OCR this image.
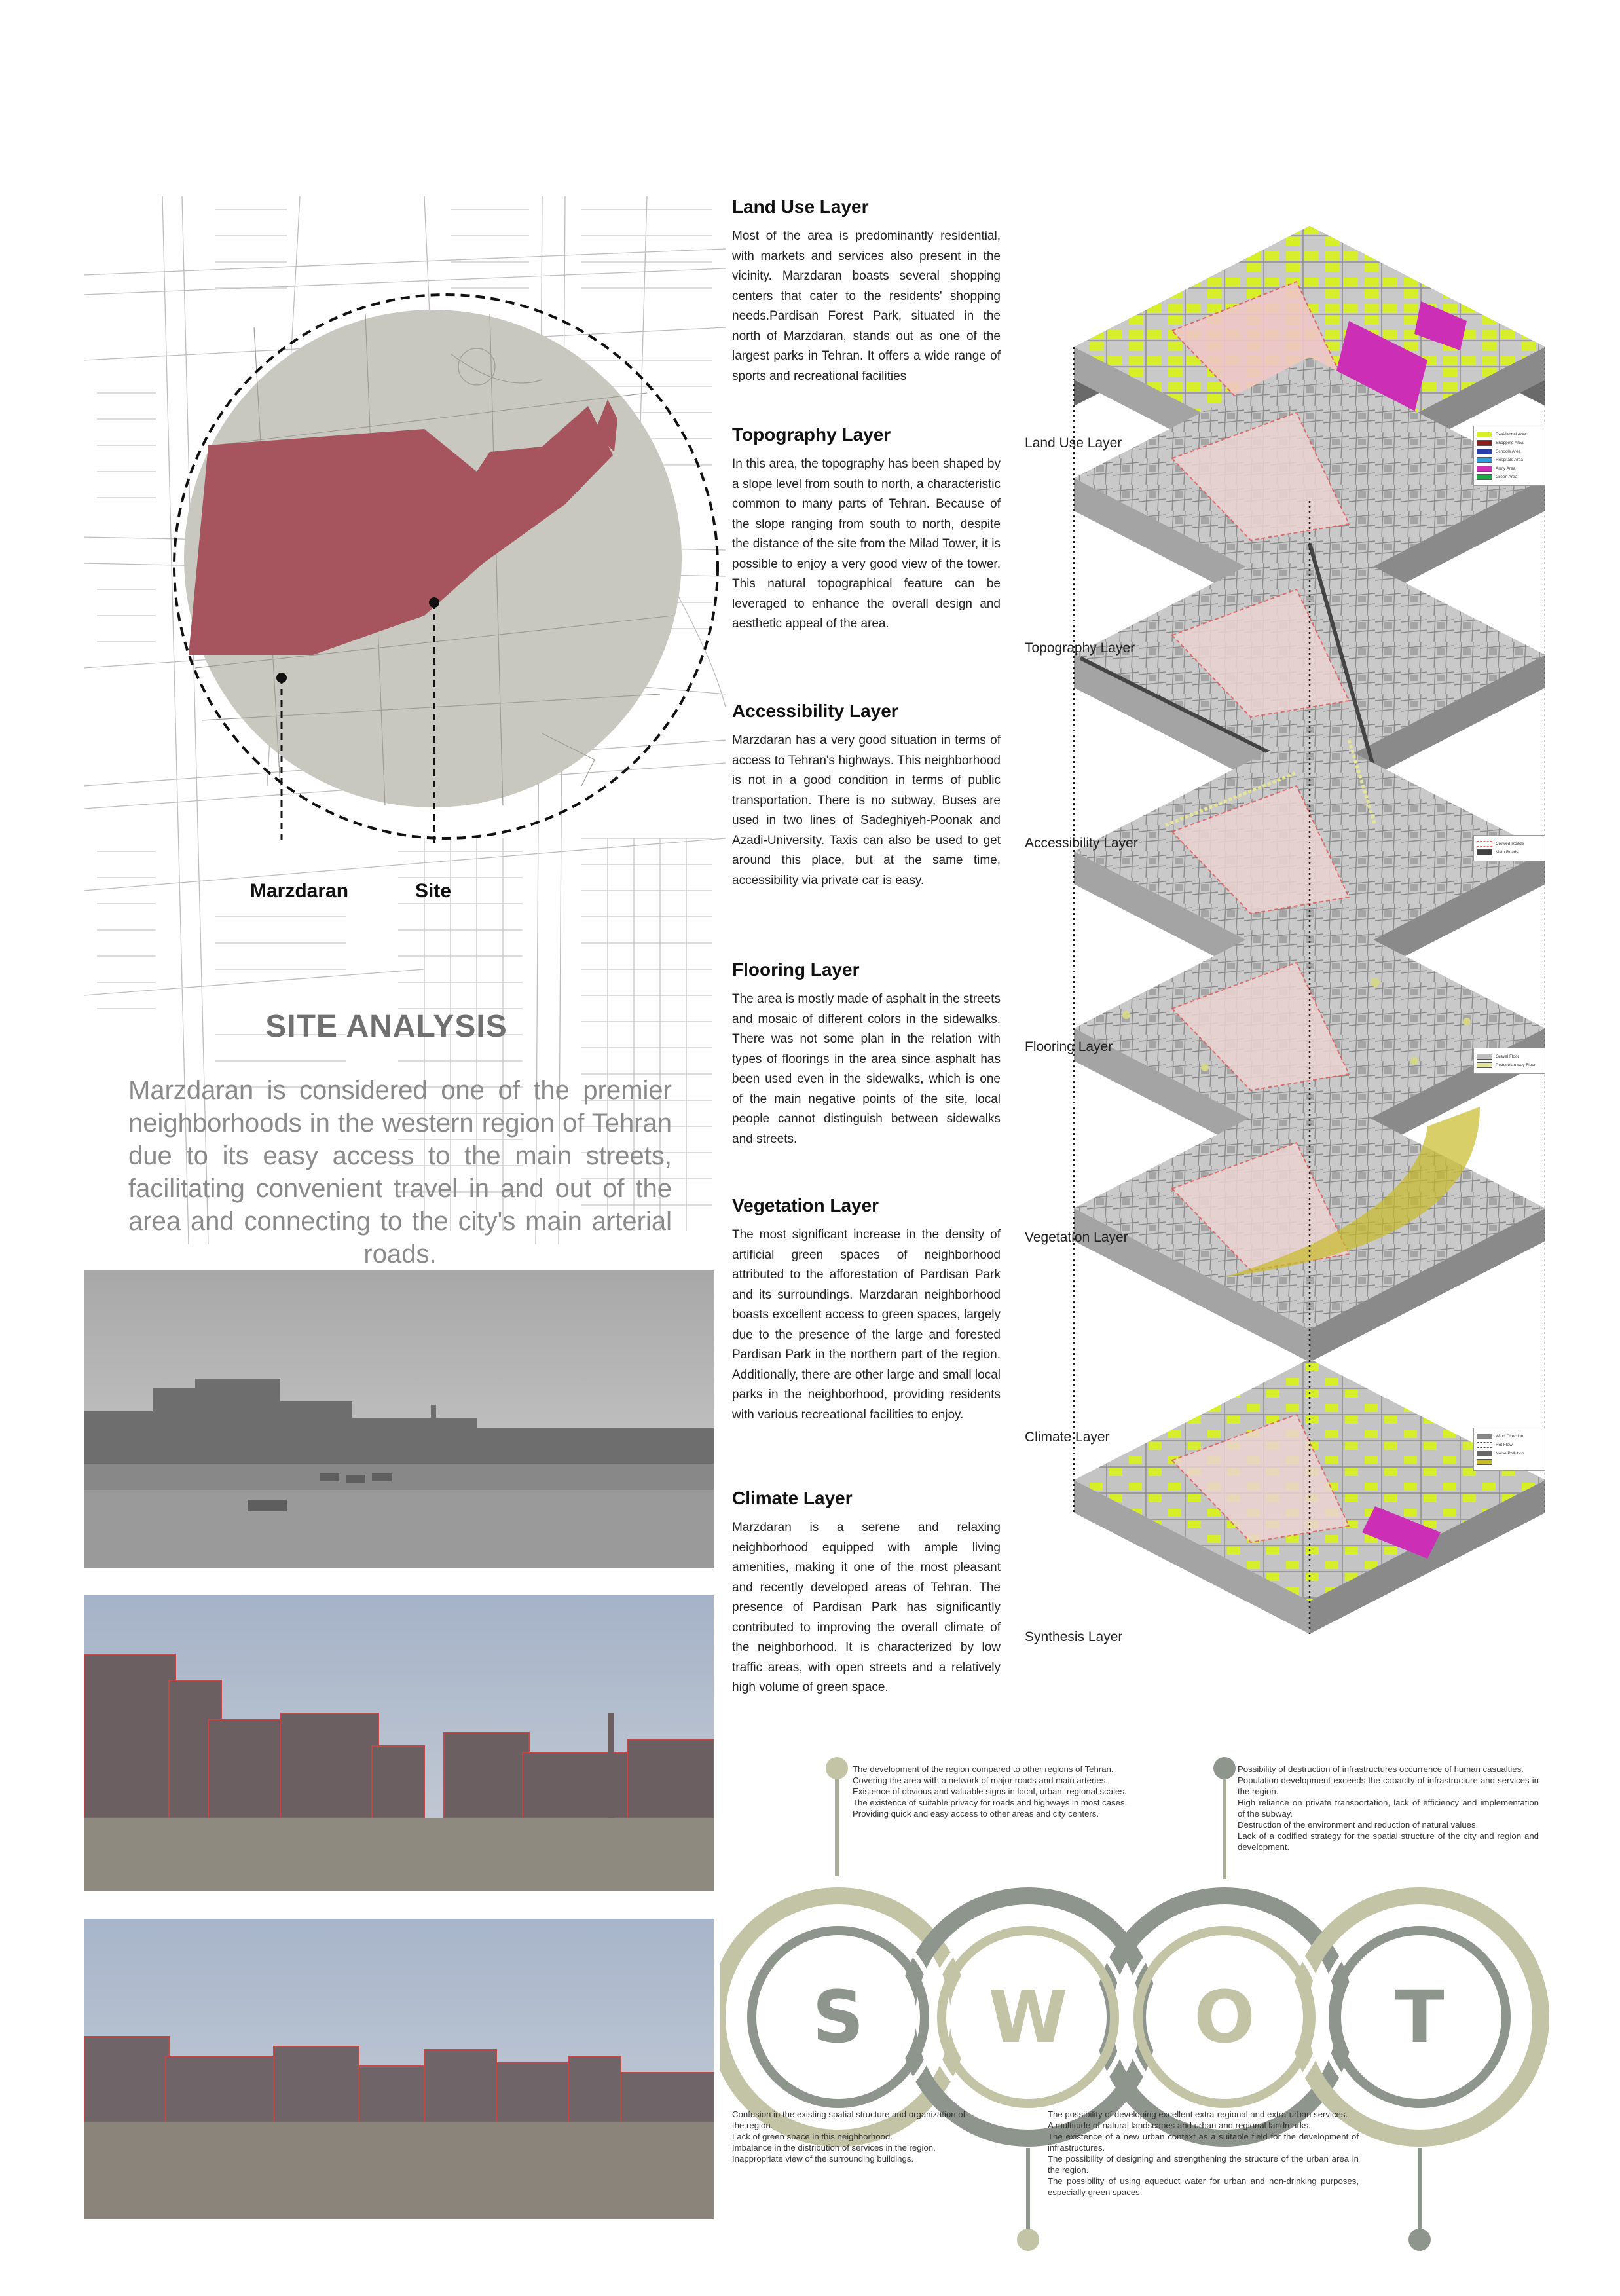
Marzdaran	Site
SITE ANALYSIS
Marzdaran is considered one of the premier neighborhoods in the western region of Tehran due to its easy access to the main streets, facilitating convenient travel in and out of the area and connecting to the city's main arterial roads.
Land Use Layer

Most of the area is predominantly residential, with markets and services also present in the vicinity. Marzdaran boasts several shopping centers that cater to the residents' shopping needs.Pardisan Forest Park, situated in the north of Marzdaran, stands out as one of the largest parks in Tehran. It offers a wide range of sports and recreational facilities

Topography Layer

In this area, the topography has been shaped by a slope level from south to north, a characteristic common to many parts of Tehran. Because of the slope ranging from south to north, despite the distance of the site from the Milad Tower, it is possible to enjoy a very good view of the tower. This natural topographical feature can be leveraged to enhance the overall design and aesthetic appeal of the area.

Accessibility Layer

Marzdaran has a very good situation in terms of access to Tehran's highways. This neighborhood is not in a good condition in terms of public transportation. There is no subway, Buses are used in two lines of Sadeghiyeh-Poonak and Azadi-University. Taxis can also be used to get around this place, but at the same time, accessibility via private car is easy.

Flooring Layer

The area is mostly made of asphalt in the streets and mosaic of different colors in the sidewalks. There was not some plan in the relation with types of floorings in the area since asphalt has been used even in the sidewalks, which is one of the main negative points of the site, local people cannot distinguish between sidewalks and streets.

Vegetation Layer

The most significant increase in the density of artificial green spaces of neighborhood attributed to the afforestation of Pardisan Park and its surroundings. Marzdaran neighborhood boasts excellent access to green spaces, largely due to the presence of the large and forested Pardisan Park in the northern part of the region. Additionally, there are other large and small local parks in the neighborhood, providing residents with various recreational facilities to enjoy.

Climate Layer

Marzdaran is a serene and relaxing neighborhood equipped with ample living amenities, making it one of the most pleasant and recently developed areas of Tehran. The presence of Pardisan Park has significantly contributed to improving the overall climate of the neighborhood. It is characterized by low traffic areas, with open streets and a relatively high volume of green space.

Land Use Layer
Topography Layer
Accessibility Layer
Flooring Layer
Vegetation Layer
Climate Layer
Synthesis Layer
Residential Area
Shopping Area
Schools Area
Hospitals Area
Army Area
Green Area
Crowed Roads
Main Roads
Gravel Floor
Pedestrian way Floor
Wind Direction
Hot Flow
Noise Pollution
S W O T
The development of the region compared to other regions of Tehran.
Covering the area with a network of major roads and main arteries.
Existence of obvious and valuable signs in local, urban, regional scales.
The existence of suitable privacy for roads and highways in most cases.
Providing quick and easy access to other areas and city centers.
Possibility of destruction of infrastructures occurrence of human casualties.
Population development exceeds the capacity of infrastructure and services in the region.
High reliance on private transportation, lack of efficiency and implementation of the subway.
Destruction of the environment and reduction of natural values.
Lack of a codified strategy for the spatial structure of the city and region and development.
Confusion in the existing spatial structure and organization of the region.
Lack of green space in this neighborhood.
Imbalance in the distribution of services in the region.
Inappropriate view of the surrounding buildings.
The possibility of developing excellent extra-regional and extra-urban services.
A multitude of natural landscapes and urban and regional landmarks.
The existence of a new urban context as a suitable field for the development of infrastructures.
The possibility of designing and strengthening the structure of the urban area in the region.
The possibility of using aqueduct water for urban and non-drinking purposes, especially green spaces.
